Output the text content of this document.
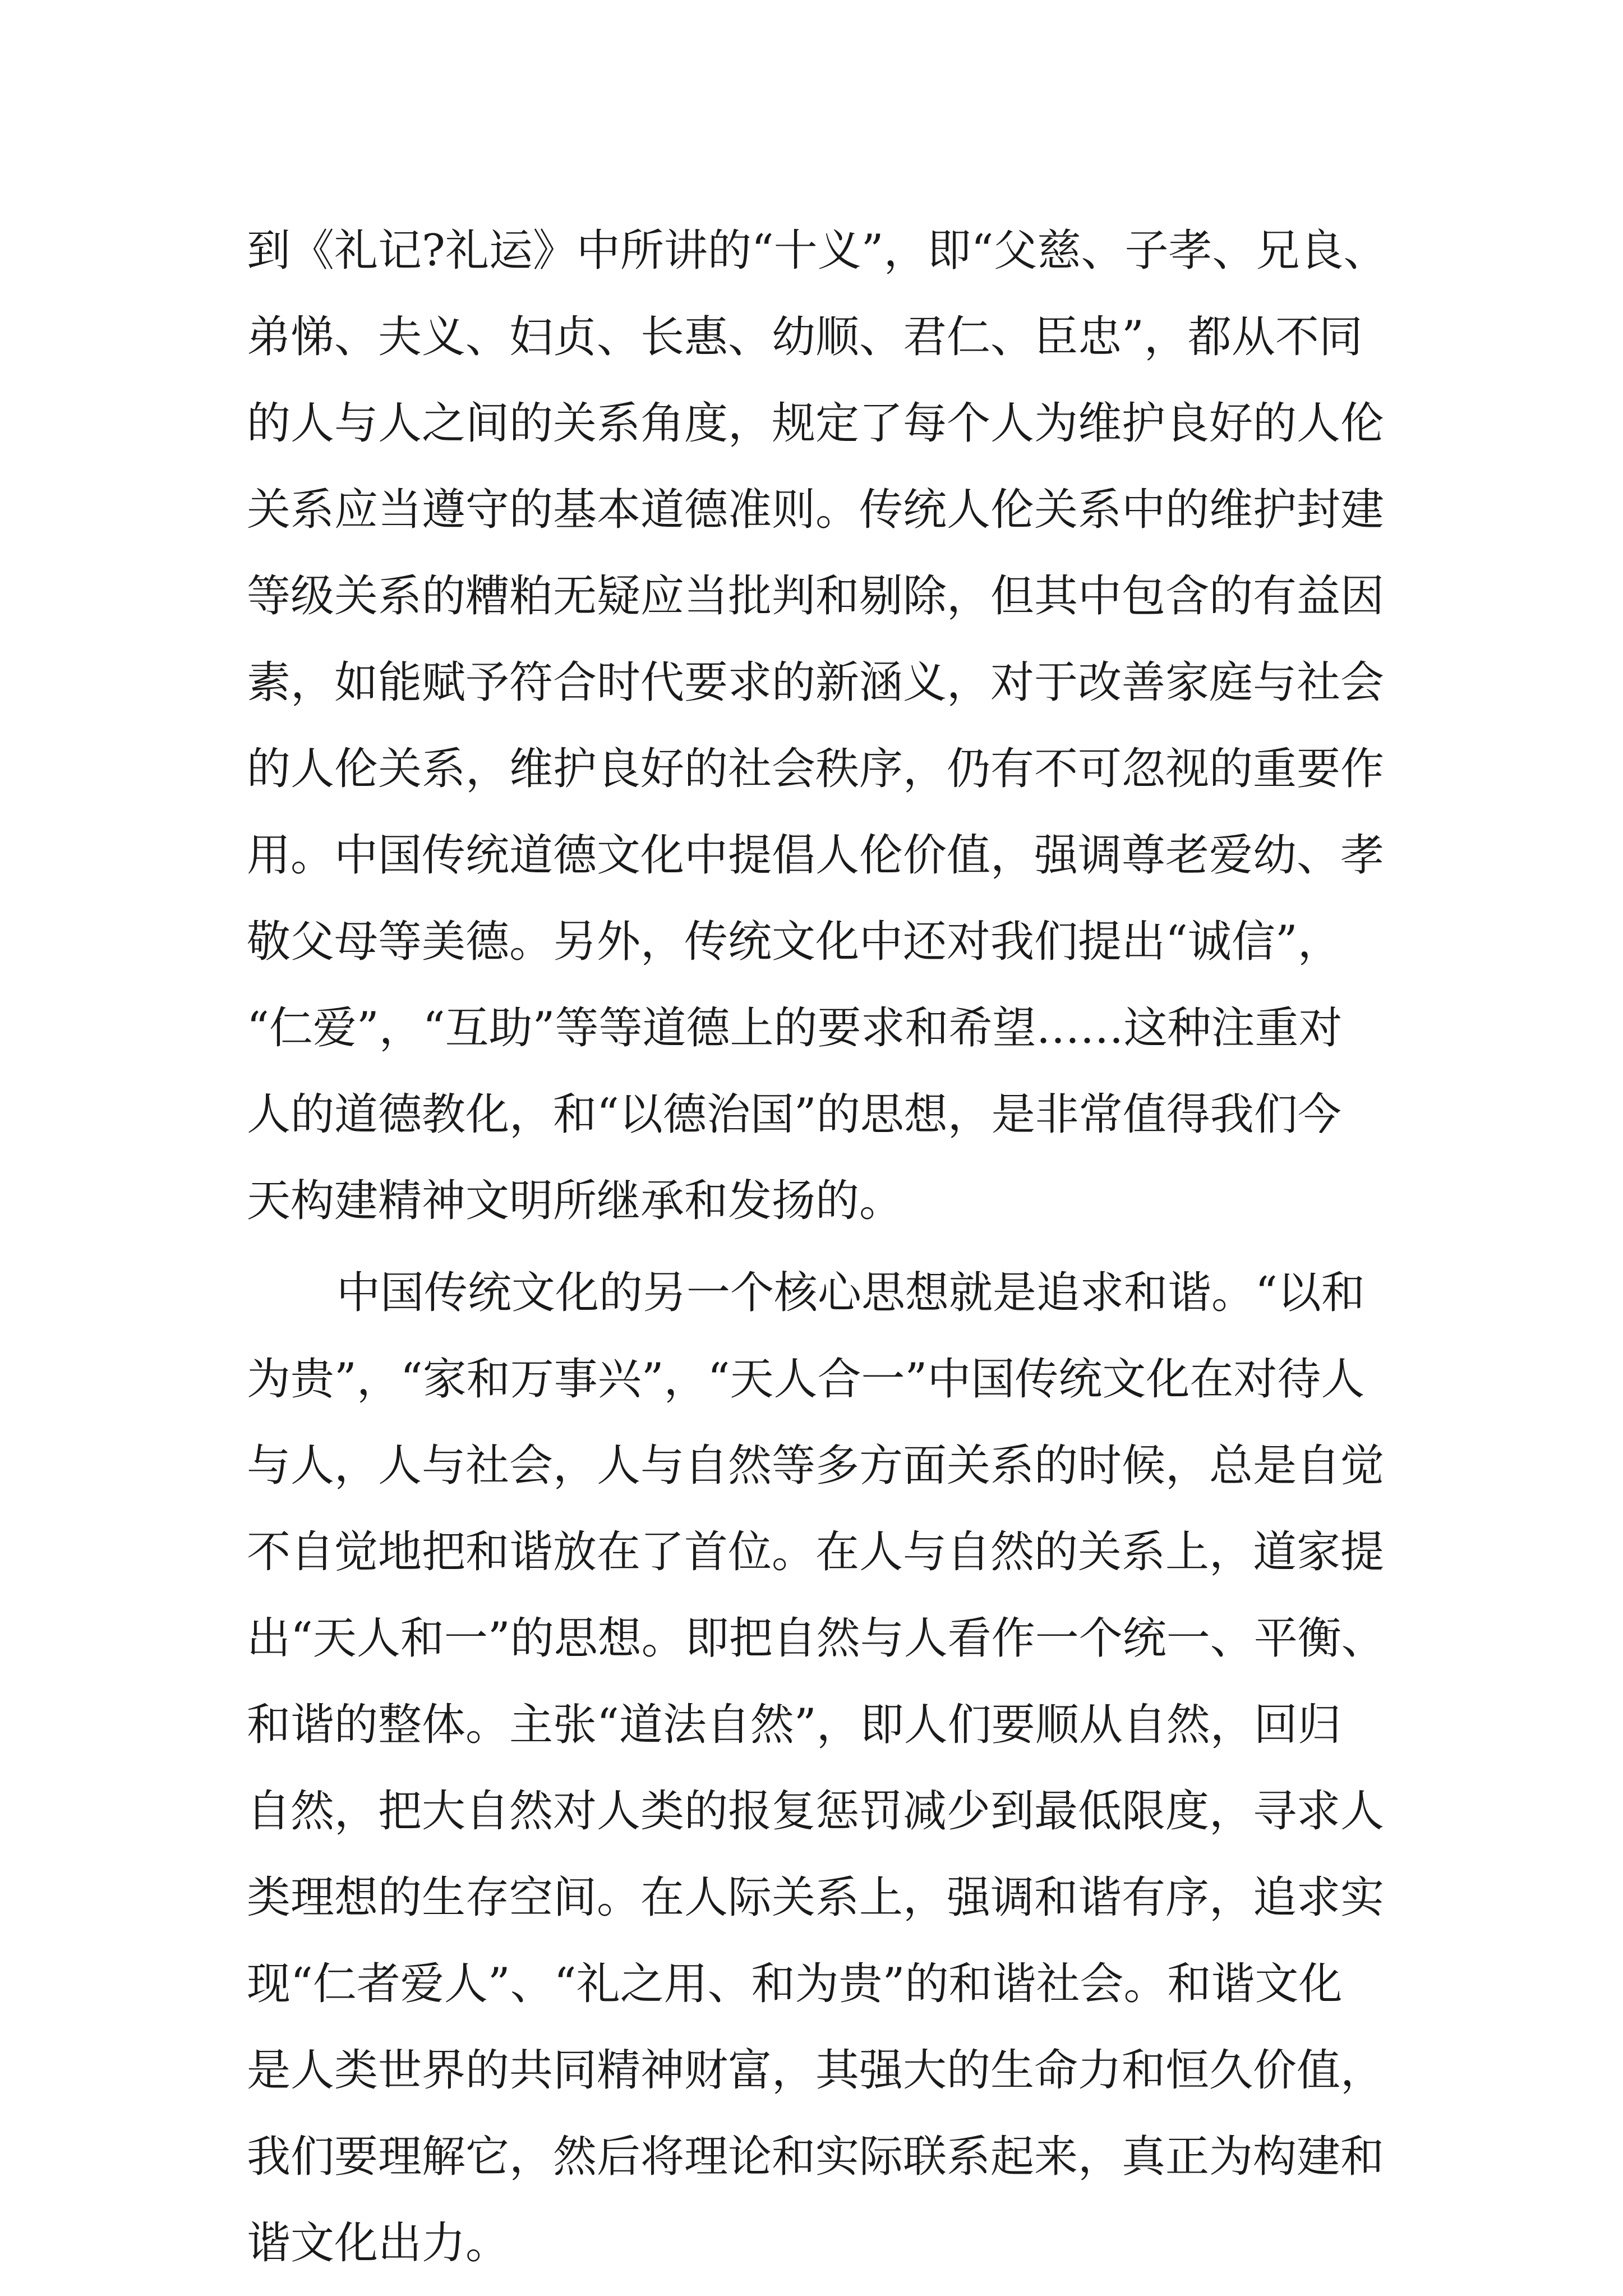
到《礼记?礼运》中所讲的“十义”，即“父慈、子孝、兄良、
弟悌、夫义、妇贞、长惠、幼顺、君仁、臣忠”，都从不同
的人与人之间的关系角度，规定了每个人为维护良好的人伦
关系应当遵守的基本道德准则。传统人伦关系中的维护封建
等级关系的糟粕无疑应当批判和剔除，但其中包含的有益因
素，如能赋予符合时代要求的新涵义，对于改善家庭与社会
的人伦关系，维护良好的社会秩序，仍有不可忽视的重要作
用。中国传统道德文化中提倡人伦价值，强调尊老爱幼、孝
敬父母等美德。另外，传统文化中还对我们提出“诚信”，
“仁爱”，“互助”等等道德上的要求和希望……这种注重对
人的道德教化，和“以德治国”的思想，是非常值得我们今
天构建精神文明所继承和发扬的。
中国传统文化的另一个核心思想就是追求和谐。“以和
为贵”，“家和万事兴”，“天人合一”中国传统文化在对待人
与人，人与社会，人与自然等多方面关系的时候，总是自觉
不自觉地把和谐放在了首位。在人与自然的关系上，道家提
出“天人和一”的思想。即把自然与人看作一个统一、平衡、
和谐的整体。主张“道法自然”，即人们要顺从自然，回归
自然，把大自然对人类的报复惩罚减少到最低限度，寻求人
类理想的生存空间。在人际关系上，强调和谐有序，追求实
现“仁者爱人”、“礼之用、和为贵”的和谐社会。和谐文化
是人类世界的共同精神财富，其强大的生命力和恒久价值，
我们要理解它，然后将理论和实际联系起来，真正为构建和
谐文化出力。
